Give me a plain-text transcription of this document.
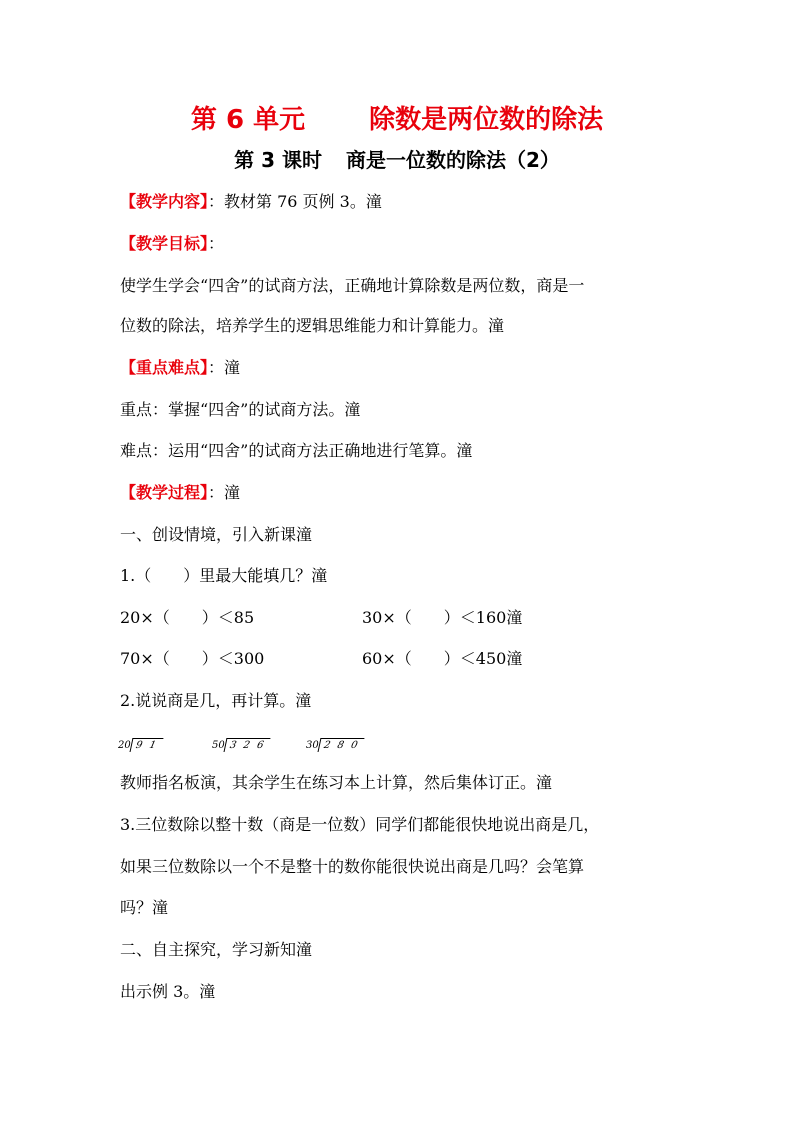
第 6 单元 除数是两位数的除法
第 3 课时 商是一位数的除法（2）
【教学内容】：教材第 76 页例 3。潼
【教学目标】：
使学生学会“四舍”的试商方法，正确地计算除数是两位数，商是一
位数的除法，培养学生的逻辑思维能力和计算能力。潼
【重点难点】：潼
重点：掌握“四舍”的试商方法。潼
难点：运用“四舍”的试商方法正确地进行笔算。潼
【教学过程】：潼
一、创设情境，引入新课潼
1.（　　）里最大能填几？潼
20×（　　）＜85	30×（　　）＜160潼
70×（　　）＜300	60×（　　）＜450潼
2.说说商是几，再计算。潼
20 9 1	50 3 2 6	30 2 8 0
教师指名板演，其余学生在练习本上计算，然后集体订正。潼
3.三位数除以整十数（商是一位数）同学们都能很快地说出商是几，
如果三位数除以一个不是整十的数你能很快说出商是几吗？会笔算
吗？潼
二、自主探究，学习新知潼
出示例 3。潼
